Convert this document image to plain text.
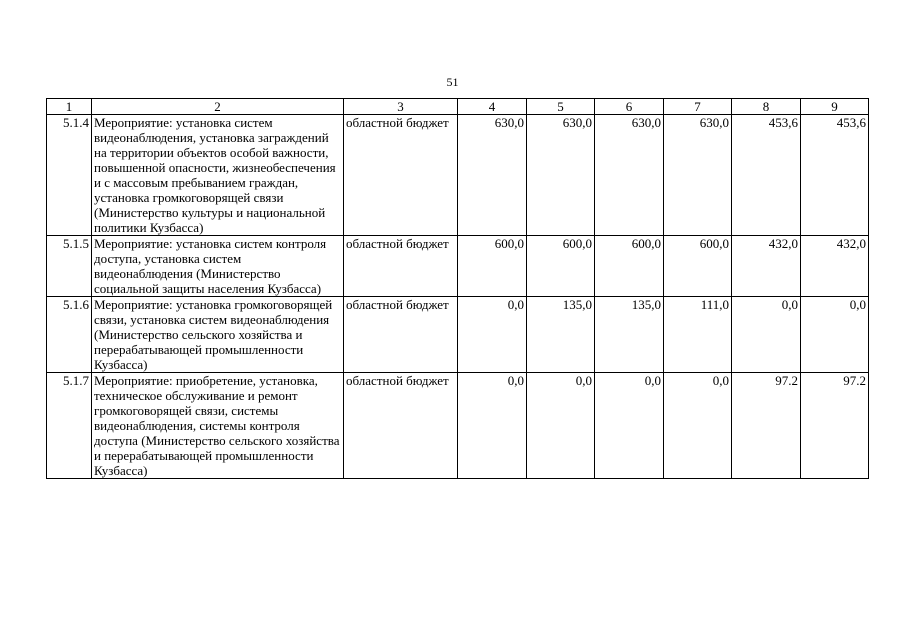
51
1	2	3	4	5	6	7	8	9
5.1.4	Мероприятие: установка систем видеонаблюдения, установка заграждений на территории объектов особой важности, повышенной опасности, жизнеобеспечения и с массовым пребыванием граждан, установка громкоговорящей связи (Министерство культуры и национальной политики Кузбасса)	областной бюджет	630,0	630,0	630,0	630,0	453,6	453,6
5.1.5	Мероприятие: установка систем контроля доступа, установка систем видеонаблюдения (Министерство социальной защиты населения Кузбасса)	областной бюджет	600,0	600,0	600,0	600,0	432,0	432,0
5.1.6	Мероприятие: установка громкоговорящей связи, установка систем видеонаблюдения (Министерство сельского хозяйства и перерабатывающей промышленности Кузбасса)	областной бюджет	0,0	135,0	135,0	111,0	0,0	0,0
5.1.7	Мероприятие: приобретение, установка, техническое обслуживание и ремонт громкоговорящей связи, системы видеонаблюдения, системы контроля доступа (Министерство сельского хозяйства и перерабатывающей промышленности Кузбасса)	областной бюджет	0,0	0,0	0,0	0,0	97.2	97.2
